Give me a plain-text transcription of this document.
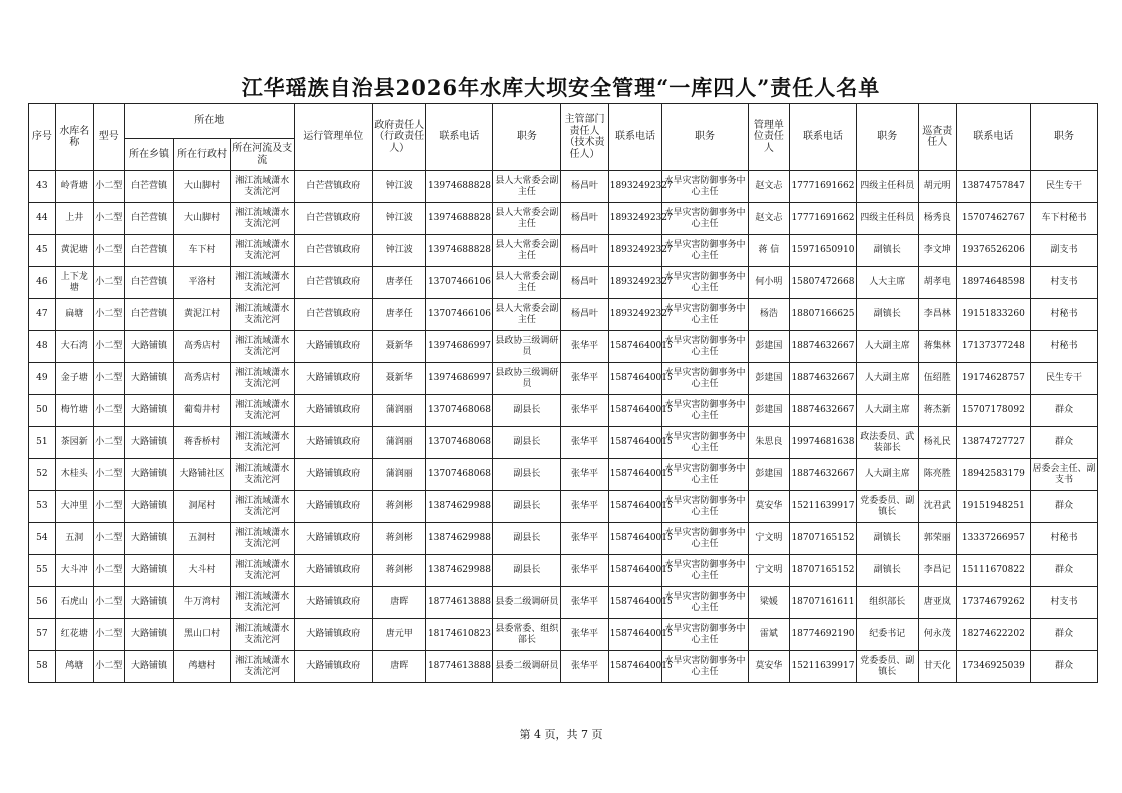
江华瑶族自治县2026年水库大坝安全管理“一库四人”责任人名单
序号	水库名称	型号	所在地			运行管理单位	政府责任人（行政责任人）	联系电话	职务	主管部门责任人（技术责任人）	联系电话	职务	管理单位责任人	联系电话	职务	巡查责任人	联系电话	职务
			所在乡镇	所在行政村	所在河流及支流													
43	岭背塘	小二型	白芒营镇	大山脚村	湘江流域潇水支流沱河	白芒营镇政府	钟江波	13974688828	县人大常委会副主任	杨昌叶	18932492327	水旱灾害防御事务中心主任	赵文忐	17771691662	四级主任科员	胡元明	13874757847	民生专干
44	上井	小二型	白芒营镇	大山脚村	湘江流域潇水支流沱河	白芒营镇政府	钟江波	13974688828	县人大常委会副主任	杨昌叶	18932492327	水旱灾害防御事务中心主任	赵文忐	17771691662	四级主任科员	杨秀良	15707462767	车下村秘书
45	黄泥塘	小二型	白芒营镇	车下村	湘江流域潇水支流沱河	白芒营镇政府	钟江波	13974688828	县人大常委会副主任	杨昌叶	18932492327	水旱灾害防御事务中心主任	蒋 信	15971650910	副镇长	李文坤	19376526206	副支书
46	上下龙塘	小二型	白芒营镇	平洛村	湘江流域潇水支流沱河	白芒营镇政府	唐孝任	13707466106	县人大常委会副主任	杨昌叶	18932492327	水旱灾害防御事务中心主任	何小明	15807472668	人大主席	胡孝电	18974648598	村支书
47	扁塘	小二型	白芒营镇	黄泥江村	湘江流域潇水支流沱河	白芒营镇政府	唐孝任	13707466106	县人大常委会副主任	杨昌叶	18932492327	水旱灾害防御事务中心主任	杨浩	18807166625	副镇长	李昌林	19151833260	村秘书
48	大石湾	小二型	大路铺镇	高秀店村	湘江流域潇水支流沱河	大路铺镇政府	聂新华	13974686997	县政协三级调研员	张华平	15874640015	水旱灾害防御事务中心主任	彭建国	18874632667	人大副主席	蒋集林	17137377248	村秘书
49	金子塘	小二型	大路铺镇	高秀店村	湘江流域潇水支流沱河	大路铺镇政府	聂新华	13974686997	县政协三级调研员	张华平	15874640015	水旱灾害防御事务中心主任	彭建国	18874632667	人大副主席	伍绍胜	19174628757	民生专干
50	梅竹塘	小二型	大路铺镇	葡萄井村	湘江流域潇水支流沱河	大路铺镇政府	蒲润丽	13707468068	副县长	张华平	15874640015	水旱灾害防御事务中心主任	彭建国	18874632667	人大副主席	蒋杰新	15707178092	群众
51	茶园新	小二型	大路铺镇	蒋香桥村	湘江流域潇水支流沱河	大路铺镇政府	蒲润丽	13707468068	副县长	张华平	15874640015	水旱灾害防御事务中心主任	朱思良	19974681638	政法委员、武装部长	杨礼民	13874727727	群众
52	木桂头	小二型	大路铺镇	大路铺社区	湘江流域潇水支流沱河	大路铺镇政府	蒲润丽	13707468068	副县长	张华平	15874640015	水旱灾害防御事务中心主任	彭建国	18874632667	人大副主席	陈亮胜	18942583179	居委会主任、副支书
53	大冲里	小二型	大路铺镇	洞尾村	湘江流域潇水支流沱河	大路铺镇政府	蒋剑彬	13874629988	副县长	张华平	15874640015	水旱灾害防御事务中心主任	莫安华	15211639917	党委委员、副镇长	沈君武	19151948251	群众
54	五洞	小二型	大路铺镇	五洞村	湘江流域潇水支流沱河	大路铺镇政府	蒋剑彬	13874629988	副县长	张华平	15874640015	水旱灾害防御事务中心主任	宁文明	18707165152	副镇长	郭荣丽	13337266957	村秘书
55	大斗冲	小二型	大路铺镇	大斗村	湘江流域潇水支流沱河	大路铺镇政府	蒋剑彬	13874629988	副县长	张华平	15874640015	水旱灾害防御事务中心主任	宁文明	18707165152	副镇长	李昌记	15111670822	群众
56	石虎山	小二型	大路铺镇	牛万湾村	湘江流域潇水支流沱河	大路铺镇政府	唐晖	18774613888	县委二级调研员	张华平	15874640015	水旱灾害防御事务中心主任	梁媛	18707161611	组织部长	唐亚岚	17374679262	村支书
57	红花塘	小二型	大路铺镇	黑山口村	湘江流域潇水支流沱河	大路铺镇政府	唐元甲	18174610823	县委常委、组织部长	张华平	15874640015	水旱灾害防御事务中心主任	雷斌	18774692190	纪委书记	何永茂	18274622202	群众
58	鸬塘	小二型	大路铺镇	鸬塘村	湘江流域潇水支流沱河	大路铺镇政府	唐晖	18774613888	县委二级调研员	张华平	15874640015	水旱灾害防御事务中心主任	莫安华	15211639917	党委委员、副镇长	甘天化	17346925039	群众
第 4 页，共 7 页
